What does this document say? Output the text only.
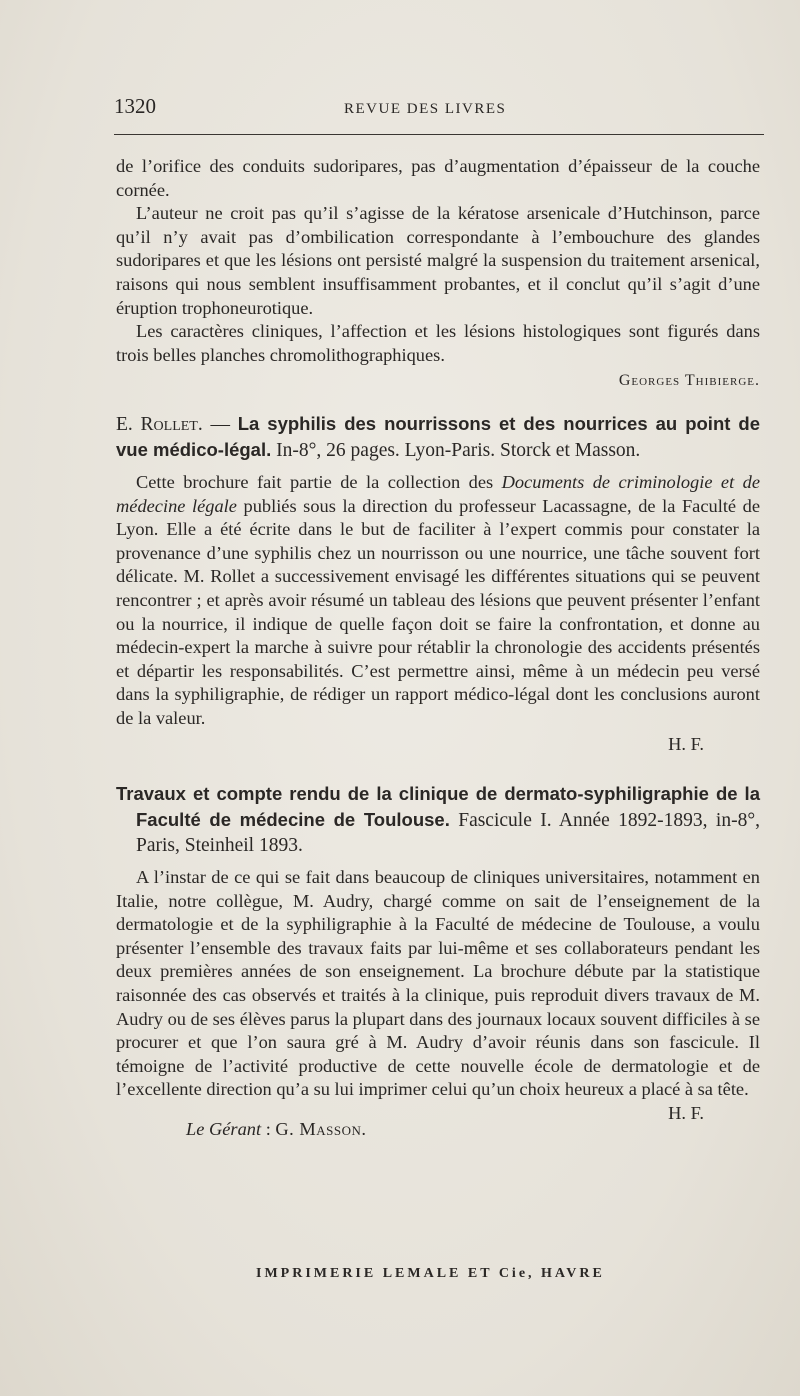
1320	REVUE DES LIVRES

de l’orifice des conduits sudoripares, pas d’augmentation d’épaisseur de la couche cornée.

L’auteur ne croit pas qu’il s’agisse de la kératose arsenicale d’Hutchinson, parce qu’il n’y avait pas d’ombilication correspondante à l’embouchure des glandes sudoripares et que les lésions ont persisté malgré la suspension du traitement arsenical, raisons qui nous semblent insuffisamment probantes, et il conclut qu’il s’agit d’une éruption trophoneurotique.

Les caractères cliniques, l’affection et les lésions histologiques sont figurés dans trois belles planches chromolithographiques.

Georges Thibierge.
E. Rollet. — La syphilis des nourrissons et des nourrices au point de vue médico-légal. In-8°, 26 pages. Lyon-Paris. Storck et Masson.

Cette brochure fait partie de la collection des Documents de criminologie et de médecine légale publiés sous la direction du professeur Lacassagne, de la Faculté de Lyon. Elle a été écrite dans le but de faciliter à l’expert commis pour constater la provenance d’une syphilis chez un nourrisson ou une nourrice, une tâche souvent fort délicate. M. Rollet a successivement envisagé les différentes situations qui se peuvent rencontrer ; et après avoir résumé un tableau des lésions que peuvent présenter l’enfant ou la nourrice, il indique de quelle façon doit se faire la confrontation, et donne au médecin-expert la marche à suivre pour rétablir la chronologie des accidents présentés et départir les responsabilités. C’est permettre ainsi, même à un médecin peu versé dans la syphiligraphie, de rédiger un rapport médico-légal dont les conclusions auront de la valeur.

H. F.
Travaux et compte rendu de la clinique de dermato-syphiligraphie de la Faculté de médecine de Toulouse. Fascicule I. Année 1892-1893, in-8°, Paris, Steinheil 1893.

A l’instar de ce qui se fait dans beaucoup de cliniques universitaires, notamment en Italie, notre collègue, M. Audry, chargé comme on sait de l’enseignement de la dermatologie et de la syphiligraphie à la Faculté de médecine de Toulouse, a voulu présenter l’ensemble des travaux faits par lui-même et ses collaborateurs pendant les deux premières années de son enseignement. La brochure débute par la statistique raisonnée des cas observés et traités à la clinique, puis reproduit divers travaux de M. Audry ou de ses élèves parus la plupart dans des journaux locaux souvent difficiles à se procurer et que l’on saura gré à M. Audry d’avoir réunis dans son fascicule. Il témoigne de l’activité productive de cette nouvelle école de dermatologie et de l’excellente direction qu’a su lui imprimer celui qu’un choix heureux a placé à sa tête.
H. F.

Le Gérant : G. Masson.
IMPRIMERIE LEMALE ET Cie, HAVRE
